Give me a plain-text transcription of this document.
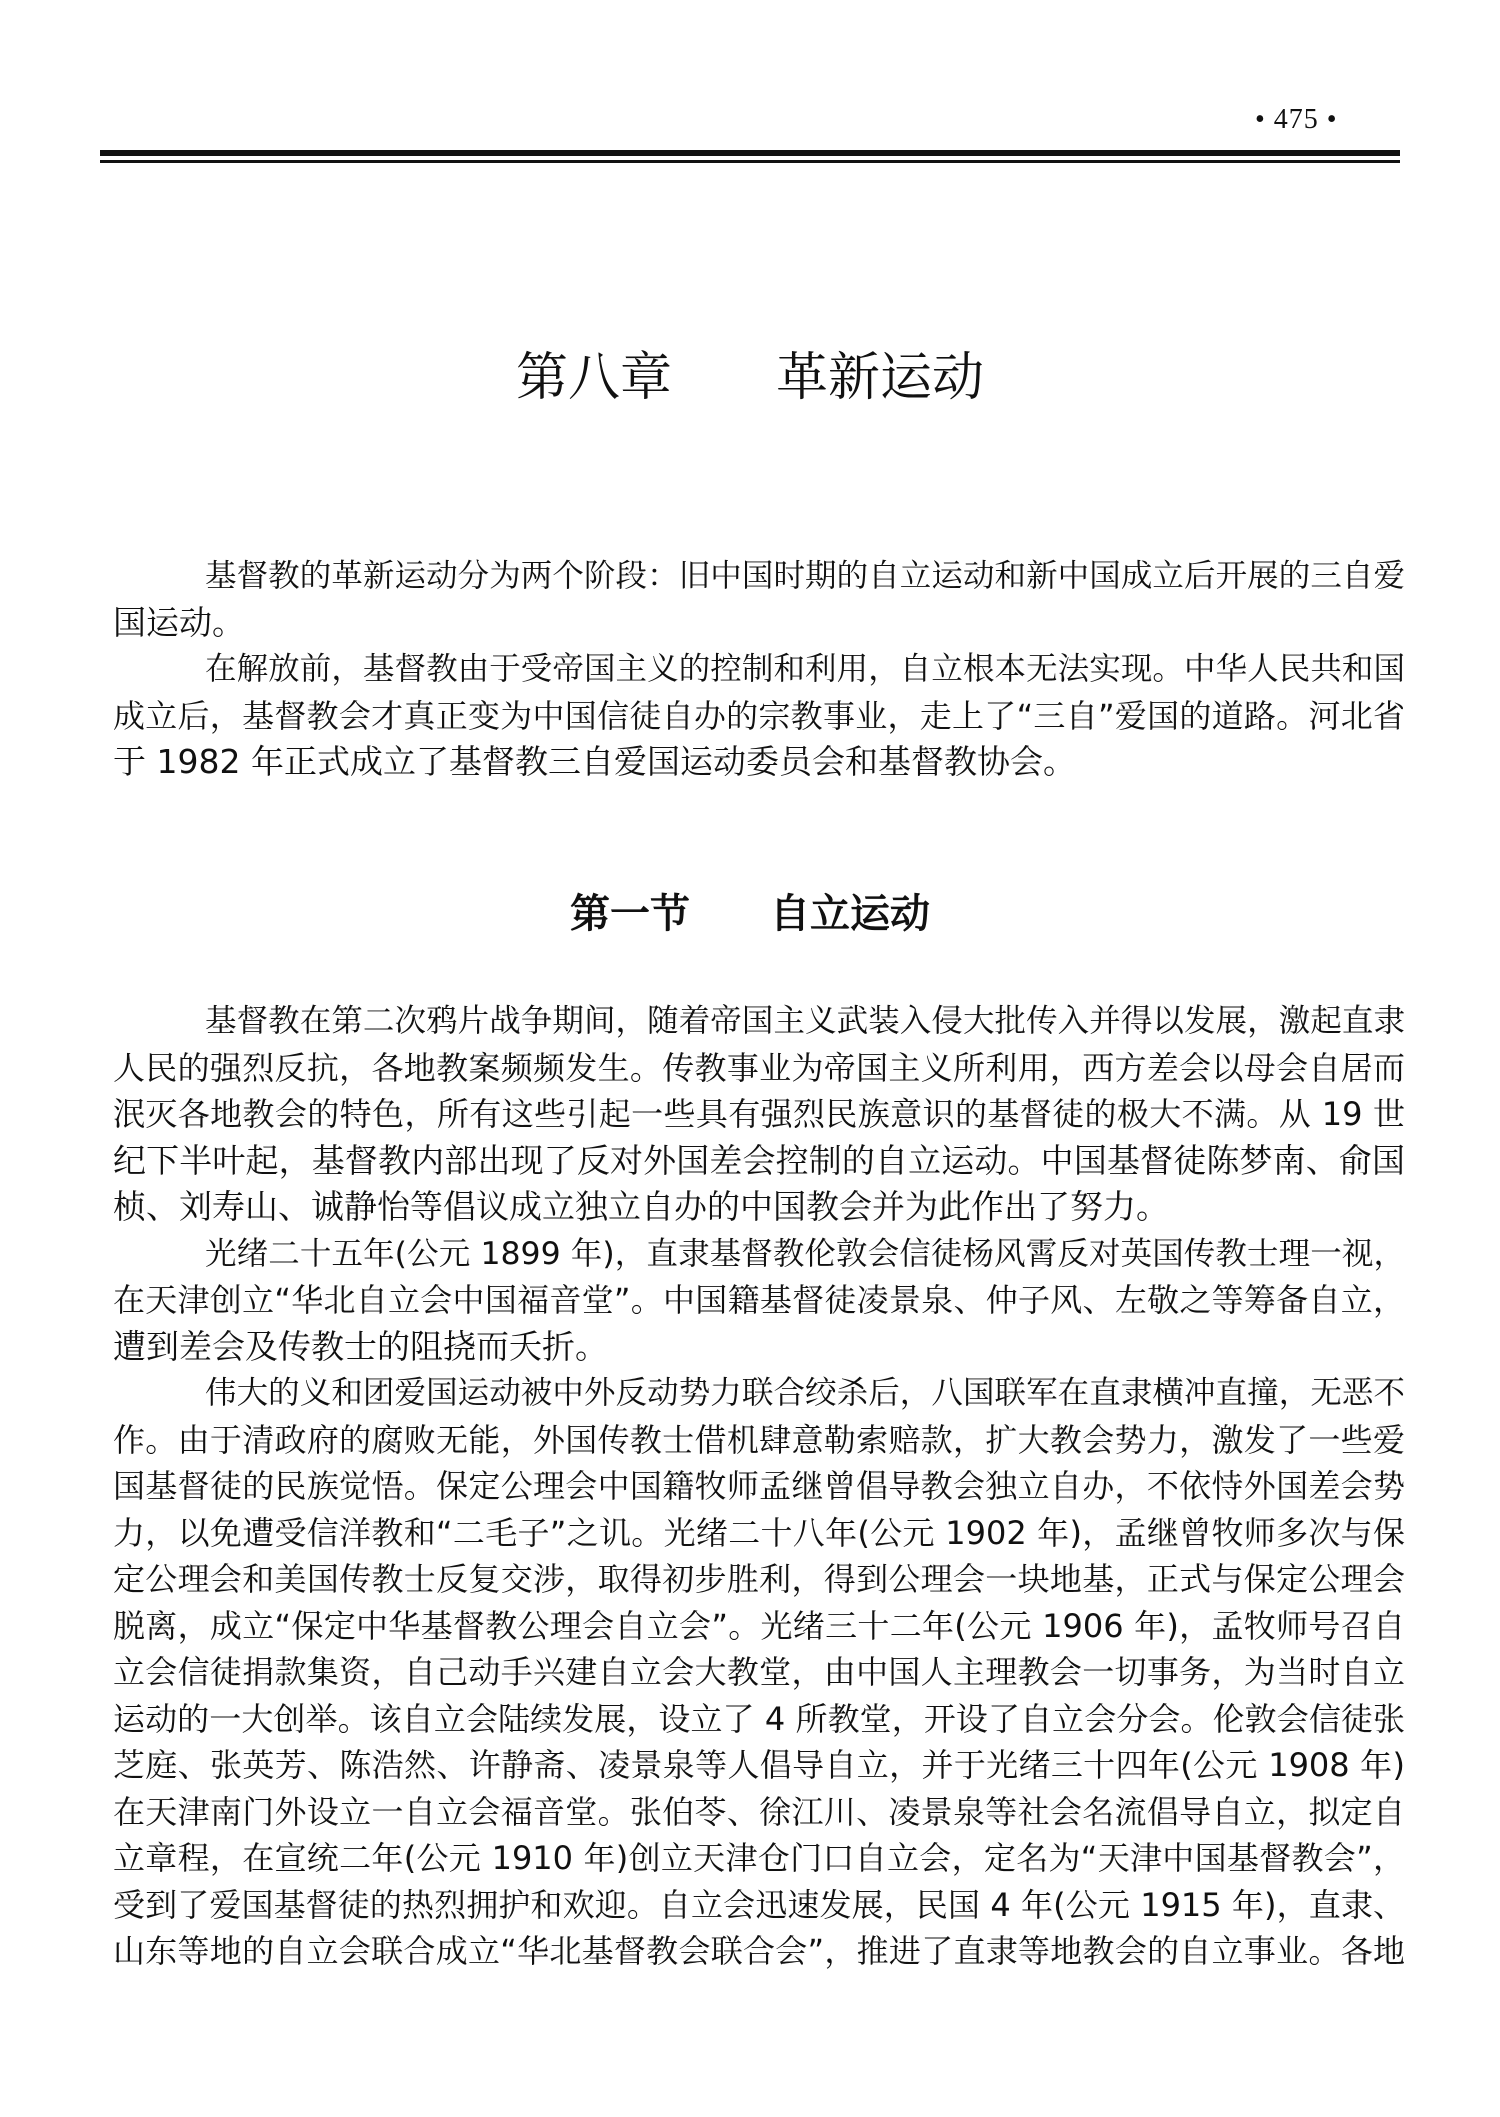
• 475 •
第八章　　革新运动
基督教的革新运动分为两个阶段：旧中国时期的自立运动和新中国成立后开展的三自爱
国运动。
在解放前，基督教由于受帝国主义的控制和利用，自立根本无法实现。中华人民共和国
成立后，基督教会才真正变为中国信徒自办的宗教事业，走上了“三自”爱国的道路。河北省
于 1982 年正式成立了基督教三自爱国运动委员会和基督教协会。
第一节　　自立运动
基督教在第二次鸦片战争期间，随着帝国主义武装入侵大批传入并得以发展，激起直隶
人民的强烈反抗，各地教案频频发生。传教事业为帝国主义所利用，西方差会以母会自居而
泯灭各地教会的特色，所有这些引起一些具有强烈民族意识的基督徒的极大不满。从 19 世
纪下半叶起，基督教内部出现了反对外国差会控制的自立运动。中国基督徒陈梦南、俞国
桢、刘寿山、诚静怡等倡议成立独立自办的中国教会并为此作出了努力。
光绪二十五年(公元 1899 年)，直隶基督教伦敦会信徒杨风霄反对英国传教士理一视，
在天津创立“华北自立会中国福音堂”。中国籍基督徒凌景泉、仲子风、左敬之等筹备自立，
遭到差会及传教士的阻挠而夭折。
伟大的义和团爱国运动被中外反动势力联合绞杀后，八国联军在直隶横冲直撞，无恶不
作。由于清政府的腐败无能，外国传教士借机肆意勒索赔款，扩大教会势力，激发了一些爱
国基督徒的民族觉悟。保定公理会中国籍牧师孟继曾倡导教会独立自办，不依恃外国差会势
力，以免遭受信洋教和“二毛子”之讥。光绪二十八年(公元 1902 年)，孟继曾牧师多次与保
定公理会和美国传教士反复交涉，取得初步胜利，得到公理会一块地基，正式与保定公理会
脱离，成立“保定中华基督教公理会自立会”。光绪三十二年(公元 1906 年)，孟牧师号召自
立会信徒捐款集资，自己动手兴建自立会大教堂，由中国人主理教会一切事务，为当时自立
运动的一大创举。该自立会陆续发展，设立了 4 所教堂，开设了自立会分会。伦敦会信徒张
芝庭、张英芳、陈浩然、许静斋、凌景泉等人倡导自立，并于光绪三十四年(公元 1908 年)
在天津南门外设立一自立会福音堂。张伯苓、徐江川、凌景泉等社会名流倡导自立，拟定自
立章程，在宣统二年(公元 1910 年)创立天津仓门口自立会，定名为“天津中国基督教会”，
受到了爱国基督徒的热烈拥护和欢迎。自立会迅速发展，民国 4 年(公元 1915 年)，直隶、
山东等地的自立会联合成立“华北基督教会联合会”，推进了直隶等地教会的自立事业。各地
